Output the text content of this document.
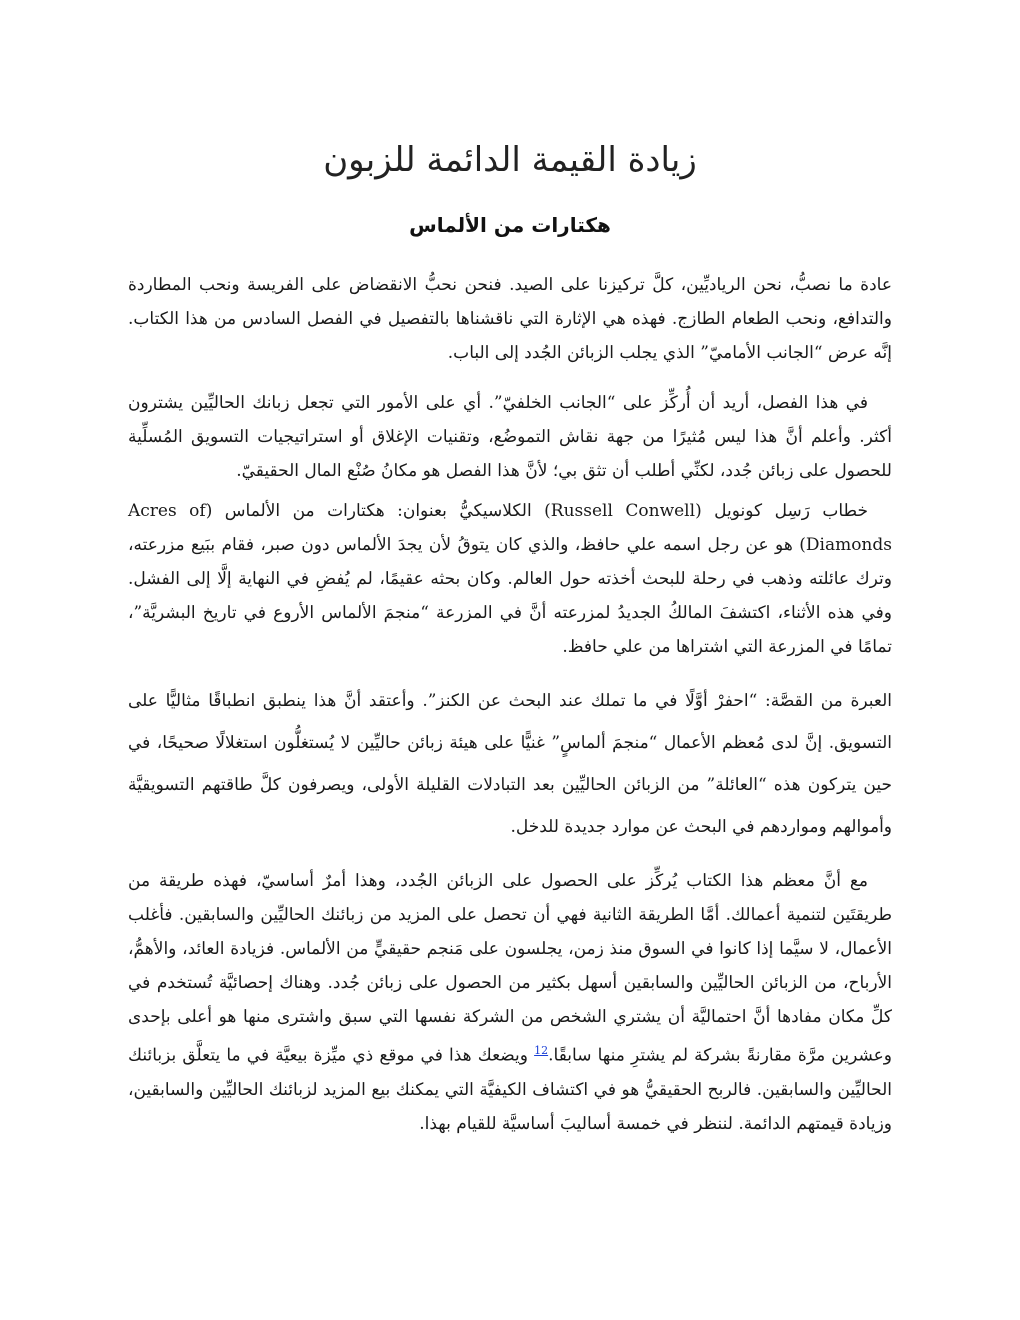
زيادة القيمة الدائمة للزبون
هكتارات من الألماس

عادة ما نصبُّ، نحن الرياديِّين، كلَّ تركيزنا على الصيد. فنحن نحبُّ الانقضاض على الفريسة ونحب المطاردة والتدافع، ونحب الطعام الطازج. فهذه هي الإثارة التي ناقشناها بالتفصيل في الفصل السادس من هذا الكتاب. إنَّه عرض “الجانب الأماميّ” الذي يجلب الزبائن الجُدد إلى الباب.

في هذا الفصل، أريد أن أُركِّز على “الجانب الخلفيّ”. أي على الأمور التي تجعل زبانك الحاليِّين يشترون أكثر. وأعلم أنَّ هذا ليس مُثيرًا من جهة نقاش التموضُع، وتقنيات الإغلاق أو استراتيجيات التسويق المُسلِّية للحصول على زبائن جُدد، لكنِّي أطلب أن تثق بي؛ لأنَّ هذا الفصل هو مكانُ صُنْع المال الحقيقيّ.

خطاب رَسِل كونويل (Russell Conwell) الكلاسيكيُّ بعنوان: هكتارات من الألماس (Acres of Diamonds) هو عن رجل اسمه علي حافظ، والذي كان يتوقُ لأن يجدَ الألماس دون صبر، فقام ببَيع مزرعته، وترك عائلته وذهب في رحلة للبحث أخذته حول العالم. وكان بحثه عقيمًا، لم يُفضِ في النهاية إلَّا إلى الفشل. وفي هذه الأثناء، اكتشفَ المالكُ الجديدُ لمزرعته أنَّ في المزرعة “منجمَ الألماس الأروع في تاريخ البشريَّة”، تمامًا في المزرعة التي اشتراها من علي حافظ.

العبرة من القصَّة: “احفرْ أوَّلًا في ما تملك عند البحث عن الكنز”. وأعتقد أنَّ هذا ينطبق انطباقًا مثاليًّا على التسويق. إنَّ لدى مُعظم الأعمال “منجمَ ألماسٍ” غنيًّا على هيئة زبائن حاليِّين لا يُستغلُّون استغلالًا صحيحًا، في حين يتركون هذه “العائلة” من الزبائن الحاليِّين بعد التبادلات القليلة الأولى، ويصرفون كلَّ طاقتهم التسويقيَّة وأموالهم ومواردهم في البحث عن موارد جديدة للدخل.

مع أنَّ معظم هذا الكتاب يُركِّز على الحصول على الزبائن الجُدد، وهذا أمرٌ أساسيّ، فهذه طريقة من طريقتَين لتنمية أعمالك. أمَّا الطريقة الثانية فهي أن تحصل على المزيد من زبائنك الحاليِّين والسابقين. فأغلب الأعمال، لا سيَّما إذا كانوا في السوق منذ زمن، يجلسون على مَنجم حقيقيٍّ من الألماس. فزيادة العائد، والأهمُّ، الأرباح، من الزبائن الحاليِّين والسابقين أسهل بكثير من الحصول على زبائن جُدد. وهناك إحصائيَّة تُستخدم في كلِّ مكان مفادها أنَّ احتماليَّة أن يشتري الشخص من الشركة نفسها التي سبق واشترى منها هو أعلى بإحدى وعشرين مرَّة مقارنةً بشركة لم يشترِ منها سابقًا.$^{12}$ ويضعك هذا في موقع ذي ميِّزة بيعيَّة في ما يتعلَّق بزبائنك الحاليِّين والسابقين. فالربح الحقيقيُّ هو في اكتشاف الكيفيَّة التي يمكنك بيع المزيد لزبائنك الحاليِّين والسابقين، وزيادة قيمتهم الدائمة. لننظر في خمسة أساليبَ أساسيَّة للقيام بهذا.
